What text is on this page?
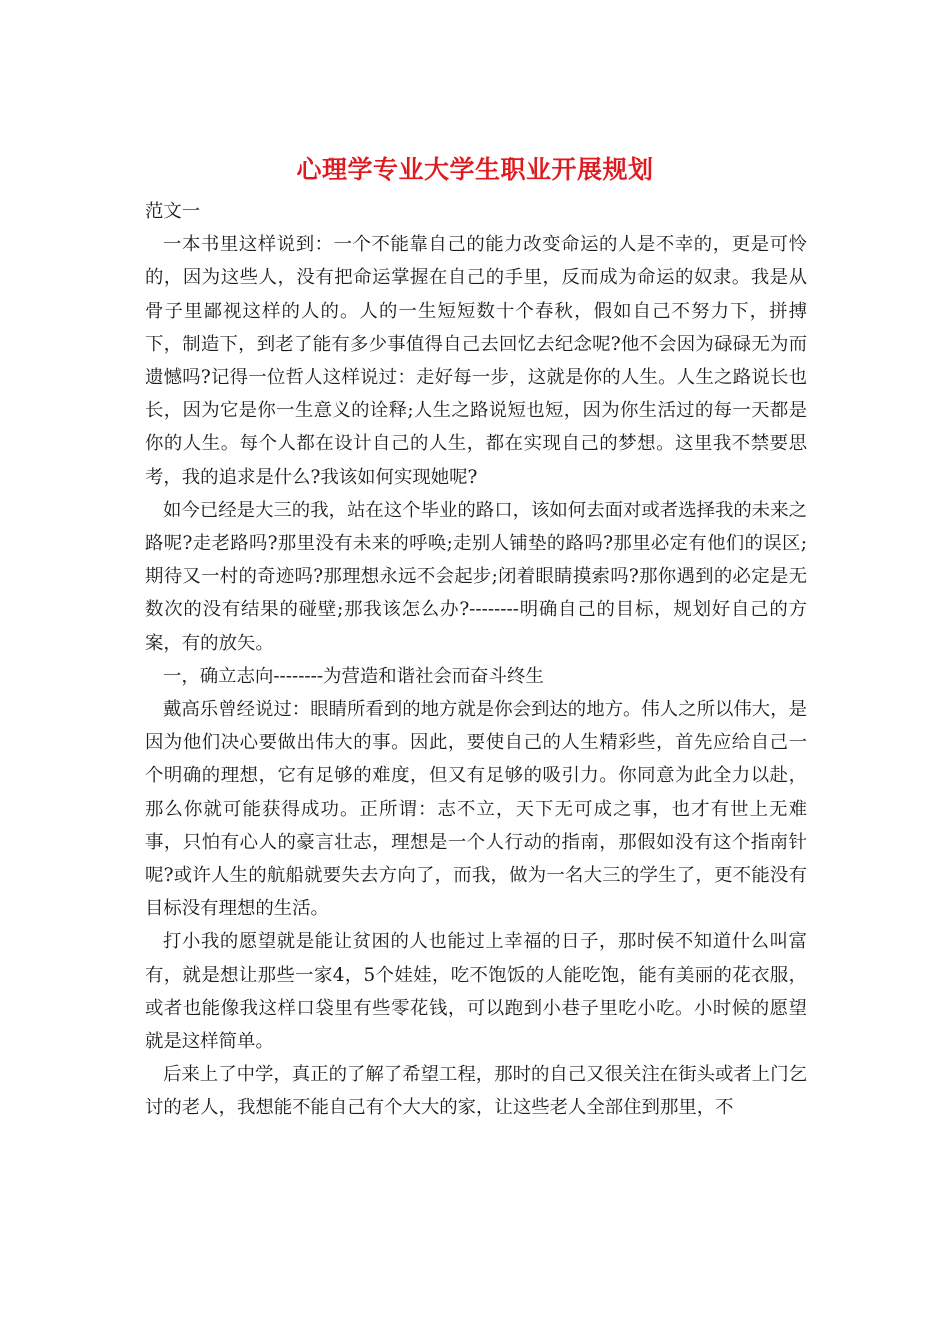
心理学专业大学生职业开展规划

范文一

一本书里这样说到：一个不能靠自己的能力改变命运的人是不幸的，更是可怜的，因为这些人，没有把命运掌握在自己的手里，反而成为命运的奴隶。我是从骨子里鄙视这样的人的。人的一生短短数十个春秋，假如自己不努力下，拼搏下，制造下，到老了能有多少事值得自己去回忆去纪念呢?他不会因为碌碌无为而遗憾吗?记得一位哲人这样说过：走好每一步，这就是你的人生。人生之路说长也长，因为它是你一生意义的诠释;人生之路说短也短，因为你生活过的每一天都是你的人生。每个人都在设计自己的人生，都在实现自己的梦想。这里我不禁要思考，我的追求是什么?我该如何实现她呢?

如今已经是大三的我，站在这个毕业的路口，该如何去面对或者选择我的未来之路呢?走老路吗?那里没有未来的呼唤;走别人铺垫的路吗?那里必定有他们的误区;期待又一村的奇迹吗?那理想永远不会起步;闭着眼睛摸索吗?那你遇到的必定是无数次的没有结果的碰壁;那我该怎么办?--------明确自己的目标，规划好自己的方案，有的放矢。

一，确立志向--------为营造和谐社会而奋斗终生

戴高乐曾经说过：眼睛所看到的地方就是你会到达的地方。伟人之所以伟大，是因为他们决心要做出伟大的事。因此，要使自己的人生精彩些，首先应给自己一个明确的理想，它有足够的难度，但又有足够的吸引力。你同意为此全力以赴，那么你就可能获得成功。正所谓：志不立，天下无可成之事，也才有世上无难事，只怕有心人的豪言壮志，理想是一个人行动的指南，那假如没有这个指南针呢?或许人生的航船就要失去方向了，而我，做为一名大三的学生了，更不能没有目标没有理想的生活。

打小我的愿望就是能让贫困的人也能过上幸福的日子，那时侯不知道什么叫富有，就是想让那些一家4，5个娃娃，吃不饱饭的人能吃饱，能有美丽的花衣服，或者也能像我这样口袋里有些零花钱，可以跑到小巷子里吃小吃。小时候的愿望就是这样简单。

后来上了中学，真正的了解了希望工程，那时的自己又很关注在街头或者上门乞讨的老人，我想能不能自己有个大大的家，让这些老人全部住到那里，不
